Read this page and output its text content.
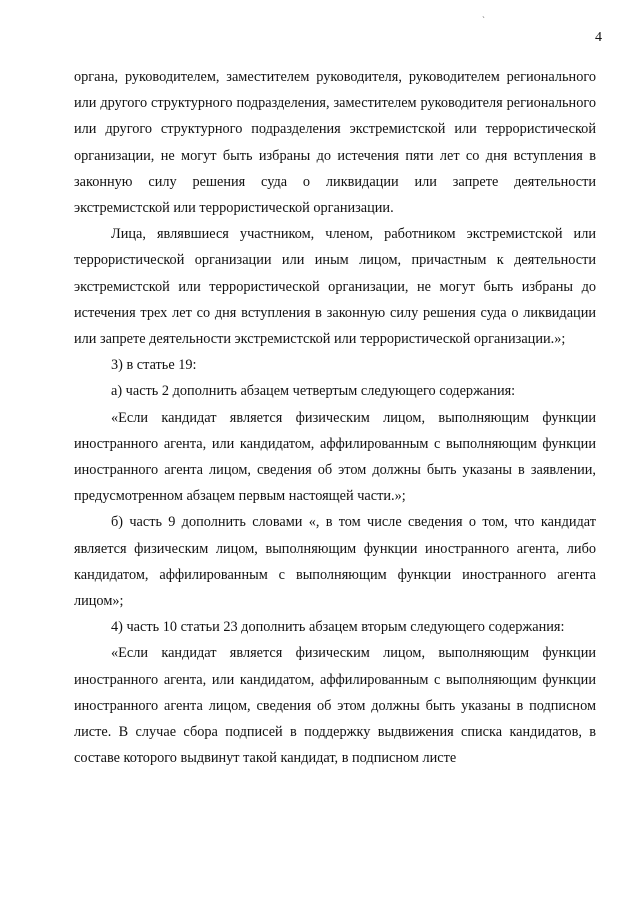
ˎ
4

органа, руководителем, заместителем руководителя, руководителем регионального или другого структурного подразделения, заместителем руководителя регионального или другого структурного подразделения экстремистской или террористической организации, не могут быть избраны до истечения пяти лет со дня вступления в законную силу решения суда о ликвидации или запрете деятельности экстремистской или террористической организации.

Лица, являвшиеся участником, членом, работником экстремистской или террористической организации или иным лицом, причастным к деятельности экстремистской или террористической организации, не могут быть избраны до истечения трех лет со дня вступления в законную силу решения суда о ликвидации или запрете деятельности экстремистской или террористической организации.»;

3) в статье 19:

а) часть 2 дополнить абзацем четвертым следующего содержания:

«Если кандидат является физическим лицом, выполняющим функции иностранного агента, или кандидатом, аффилированным с выполняющим функции иностранного агента лицом, сведения об этом должны быть указаны в заявлении, предусмотренном абзацем первым настоящей части.»;

б) часть 9 дополнить словами «, в том числе сведения о том, что кандидат является физическим лицом, выполняющим функции иностранного агента, либо кандидатом, аффилированным с выполняющим функции иностранного агента лицом»;

4) часть 10 статьи 23 дополнить абзацем вторым следующего содержания:

«Если кандидат является физическим лицом, выполняющим функции иностранного агента, или кандидатом, аффилированным с выполняющим функции иностранного агента лицом, сведения об этом должны быть указаны в подписном листе. В случае сбора подписей в поддержку выдвижения списка кандидатов, в составе которого выдвинут такой кандидат, в подписном листе
